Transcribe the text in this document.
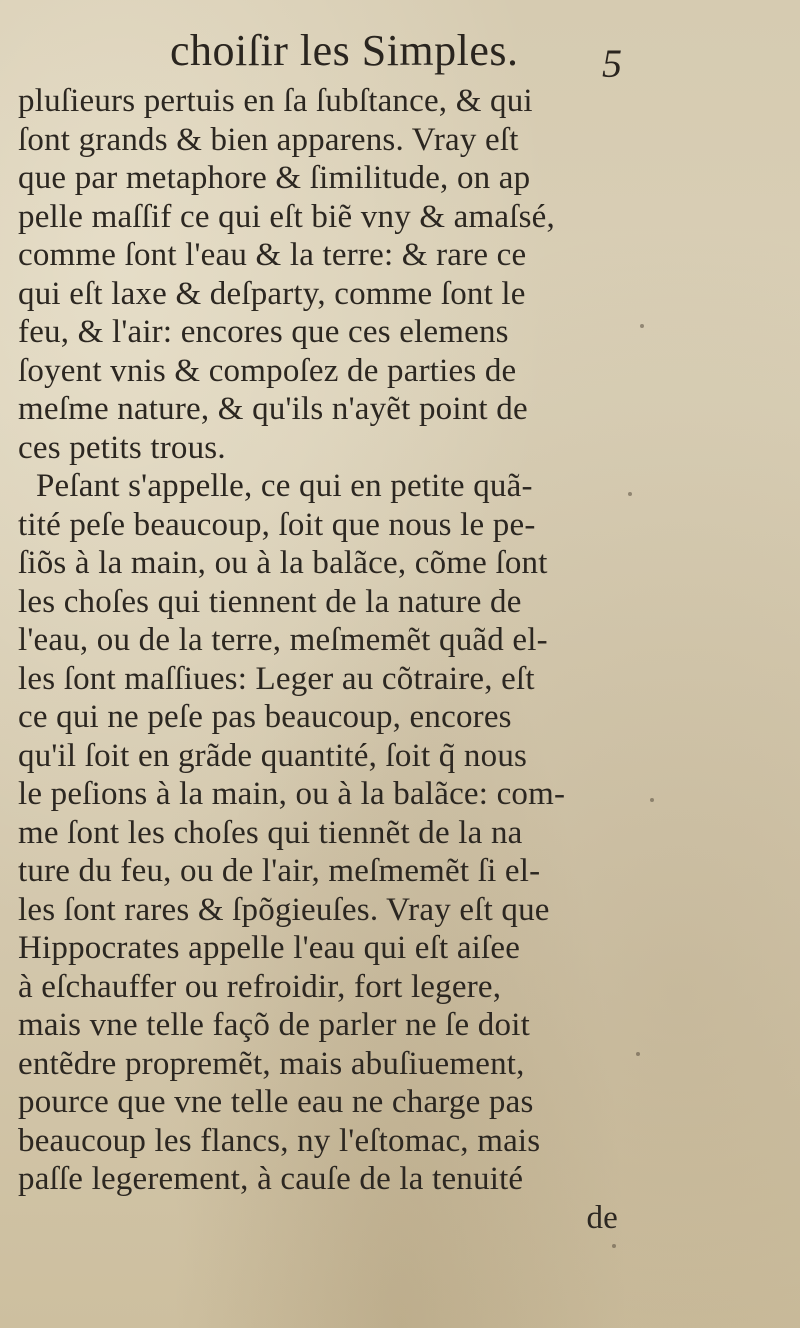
choiſir les Simples. 5
pluſieurs pertuis en ſa ſubſtance, & qui
ſont grands & bien apparens. Vray eſt
que par metaphore & ſimilitude, on ap
pelle maſſif ce qui eſt biẽ vny & amaſsé,
comme ſont l'eau & la terre: & rare ce
qui eſt laxe & deſparty, comme ſont le
feu, & l'air: encores que ces elemens
ſoyent vnis & compoſez de parties de
meſme nature, & qu'ils n'ayẽt point de
ces petits trous.
Peſant s'appelle, ce qui en petite quã-
tité peſe beaucoup, ſoit que nous le pe-
ſiõs à la main, ou à la balãce, cõme ſont
les choſes qui tiennent de la nature de
l'eau, ou de la terre, meſmemẽt quãd el-
les ſont maſſiues: Leger au cõtraire, eſt
ce qui ne peſe pas beaucoup, encores
qu'il ſoit en grãde quantité, ſoit q̃ nous
le peſions à la main, ou à la balãce: com-
me ſont les choſes qui tiennẽt de la na
ture du feu, ou de l'air, meſmemẽt ſi el-
les ſont rares & ſpõgieuſes. Vray eſt que
Hippocrates appelle l'eau qui eſt aiſee
à eſchauffer ou refroidir, fort legere,
mais vne telle façõ de parler ne ſe doit
entẽdre propremẽt, mais abuſiuement,
pource que vne telle eau ne charge pas
beaucoup les flancs, ny l'eſtomac, mais
paſſe legerement, à cauſe de la tenuité
de
